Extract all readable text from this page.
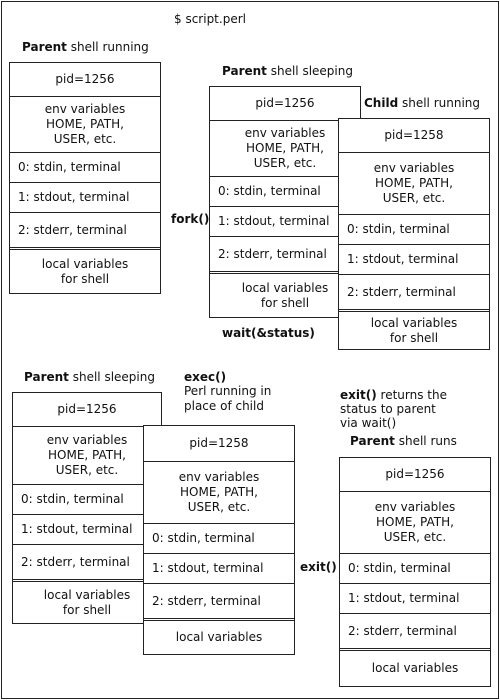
$ script.perl
Parent shell running
pid=1256
env variables
HOME, PATH,
USER, etc.
0: stdin, terminal
1: stdout, terminal
2: stderr, terminal
local variables
for shell
fork()
Parent shell sleeping
pid=1256
env variables
HOME, PATH,
USER, etc.
0: stdin, terminal
1: stdout, terminal
2: stderr, terminal
local variables
for shell
wait(&status)
Child shell running
pid=1258
env variables
HOME, PATH,
USER, etc.
0: stdin, terminal
1: stdout, terminal
2: stderr, terminal
local variables
for shell
Parent shell sleeping
pid=1256
env variables
HOME, PATH,
USER, etc.
0: stdin, terminal
1: stdout, terminal
2: stderr, terminal
local variables
for shell
exec()
Perl running in
place of child
pid=1258
env variables
HOME, PATH,
USER, etc.
0: stdin, terminal
1: stdout, terminal
2: stderr, terminal
local variables
exit() returns the
status to parent
via wait()
Parent shell runs
exit()
pid=1256
env variables
HOME, PATH,
USER, etc.
0: stdin, terminal
1: stdout, terminal
2: stderr, terminal
local variables
